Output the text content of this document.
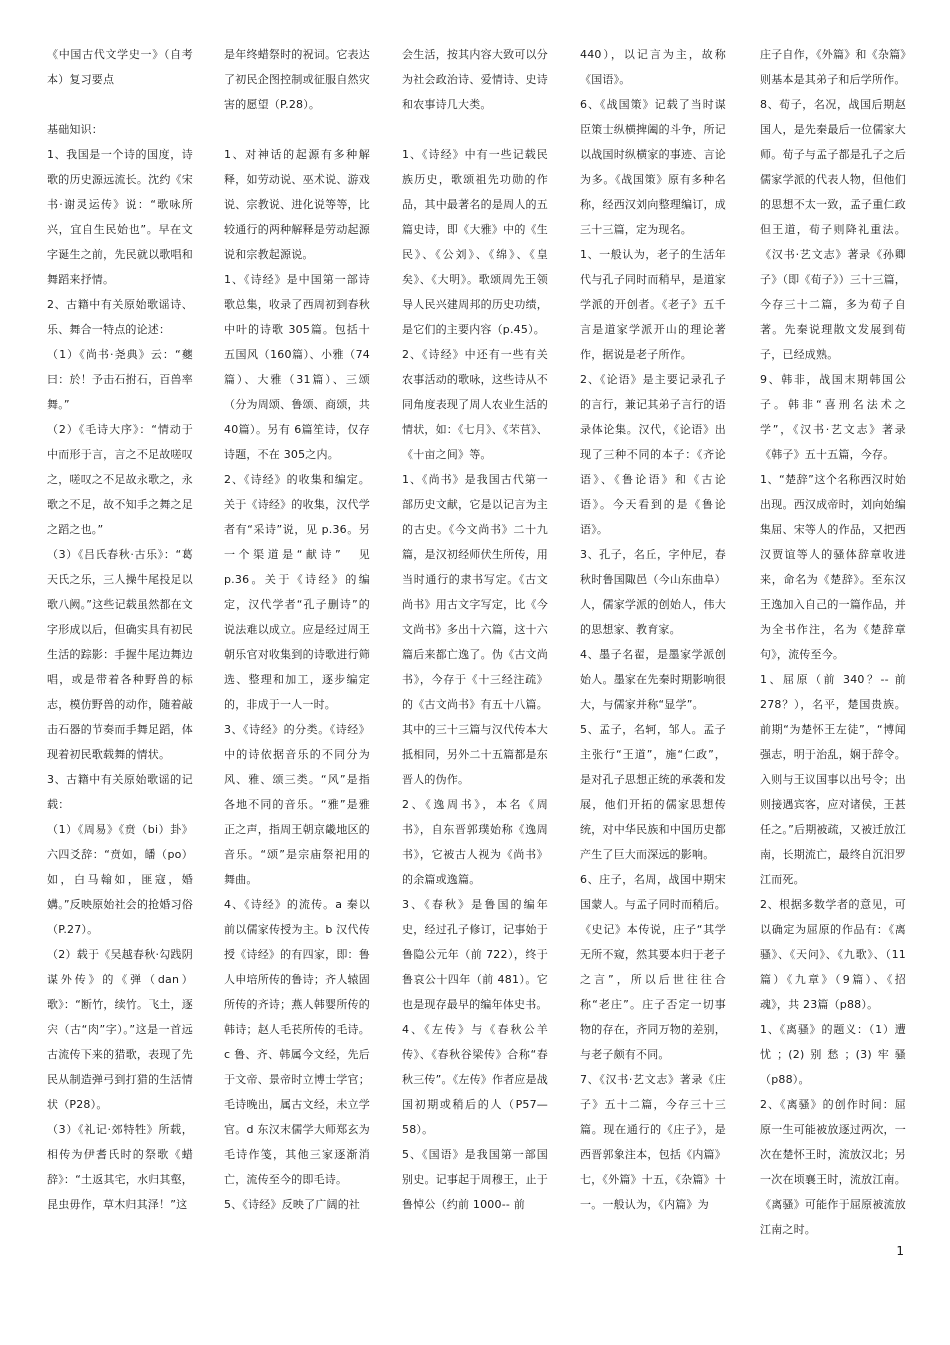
《中国古代文学史一》（自考本）复习要点
基础知识：
1、我国是一个诗的国度，诗歌的历史源远流长。沈约《宋书·谢灵运传》说：“歌咏所兴，宜自生民始也”。早在文字诞生之前，先民就以歌唱和舞蹈来抒情。
2、古籍中有关原始歌谣诗、乐、舞合一特点的论述：
（1）《尚书·尧典》云：“夔曰：於！予击石拊石，百兽率舞。”
（2）《毛诗大序》：“情动于中而形于言，言之不足故嗟叹之，嗟叹之不足故永歌之，永歌之不足，故不知手之舞之足之蹈之也。”
（3）《吕氏春秋·古乐》：“葛天氏之乐，三人操牛尾投足以歌八阙。”这些记载虽然都在文字形成以后，但确实具有初民生活的踪影：手握牛尾边舞边唱，或是带着各种野兽的标志，模仿野兽的动作，随着敲击石器的节奏而手舞足蹈，体现着初民歌载舞的情状。
3、古籍中有关原始歌谣的记载：
（1）《周易》《贲（bi）卦》六四爻辞：“贲如，皤（po）如，白马翰如，匪寇，婚媾。”反映原始社会的抢婚习俗（P.27）。
（2）载于《吴越春秋·勾践阴谋外传》的《弹（dan）歌》：“断竹，续竹。飞土，逐宍（古“肉”字）。”这是一首远古流传下来的猎歌，表现了先民从制造弹弓到打猎的生活情状（P28）。
（3）《礼记·郊特牲》所载，相传为伊耆氏时的祭歌《蜡辞》：“土返其宅，水归其壑，昆虫毋作，草木归其泽！”这
是年终蜡祭时的祝词。它表达了初民企图控制或征服自然灾害的愿望（P.28）。
1、对神话的起源有多种解释，如劳动说、巫术说、游戏说、宗教说、进化说等等，比较通行的两种解释是劳动起源说和宗教起源说。
1、《诗经》是中国第一部诗歌总集，收录了西周初到春秋中叶的诗歌 305篇。包括十五国风（160篇）、小雅（74篇）、大雅（31篇）、三颂（分为周颂、鲁颂、商颂，共 40篇）。另有 6篇笙诗，仅存诗题，不在 305之内。
2、《诗经》的收集和编定。关于《诗经》的收集，汉代学者有“采诗”说，见 p.36。另一个渠道是“献诗”　见p.36。关于《诗经》的编定，汉代学者“孔子删诗”的说法难以成立。应是经过周王朝乐官对收集到的诗歌进行筛选、整理和加工，逐步编定的，非成于一人一时。
3、《诗经》的分类。《诗经》中的诗依据音乐的不同分为风、雅、颂三类。“风”是指各地不同的音乐。“雅”是雅正之声，指周王朝京畿地区的音乐。“颂”是宗庙祭祀用的舞曲。
4、《诗经》的流传。a 秦以前以儒家传授为主。b 汉代传授《诗经》的有四家，即：鲁人申培所传的鲁诗；齐人辕固所传的齐诗；燕人韩婴所传的韩诗；赵人毛苌所传的毛诗。c 鲁、齐、韩属今文经，先后于文帝、景帝时立博士学官；毛诗晚出，属古文经，未立学官。d 东汉末儒学大师郑玄为毛诗作笺，其他三家逐渐消亡，流传至今的即毛诗。
5、《诗经》反映了广阔的社
会生活，按其内容大致可以分为社会政治诗、爱情诗、史诗和农事诗几大类。
1、《诗经》中有一些记载民族历史，歌颂祖先功勋的作品，其中最著名的是周人的五篇史诗，即《大雅》中的《生民》、《公刘》、《绵》、《皇矣》、《大明》。歌颂周先王领导人民兴建周邦的历史功绩，是它们的主要内容（p.45）。
2、《诗经》中还有一些有关农事活动的歌咏，这些诗从不同角度表现了周人农业生活的情状，如：《七月》、《芣苢》、《十亩之间》等。
1、《尚书》是我国古代第一部历史文献，它是以记言为主的古史。《今文尚书》二十九篇，是汉初经师伏生所传，用当时通行的隶书写定。《古文尚书》用古文字写定，比《今文尚书》多出十六篇，这十六篇后来都亡逸了。伪《古文尚书》，今存于《十三经注疏》的《古文尚书》有五十八篇。其中的三十三篇与汉代传本大抵相同，另外二十五篇都是东晋人的伪作。
2、《逸周书》，本名《周书》，自东晋郭璞始称《逸周书》，它被古人视为《尚书》的余篇或逸篇。
3、《春秋》是鲁国的编年史，经过孔子修订，记事始于鲁隐公元年（前 722），终于鲁哀公十四年（前 481）。它也是现存最早的编年体史书。
4、《左传》与《春秋公羊传》、《春秋谷梁传》合称“春秋三传”。《左传》作者应是战国初期或稍后的人（P57—58）。
5、《国语》是我国第一部国别史。记事起于周穆王，止于鲁悼公（约前 1000-- 前
440），以记言为主，故称《国语》。
6、《战国策》记载了当时谋臣策士纵横捭阖的斗争，所记以战国时纵横家的事迹、言论为多。《战国策》原有多种名称，经西汉刘向整理编订，成三十三篇，定为现名。
1、一般认为，老子的生活年代与孔子同时而稍早，是道家学派的开创者。《老子》五千言是道家学派开山的理论著作，据说是老子所作。
2、《论语》是主要记录孔子的言行，兼记其弟子言行的语录体论集。汉代，《论语》出现了三种不同的本子：《齐论语》、《鲁论语》和《古论语》。今天看到的是《鲁论语》。
3、孔子，名丘，字仲尼，春秋时鲁国陬邑（今山东曲阜）人，儒家学派的创始人，伟大的思想家、教育家。
4、墨子名翟，是墨家学派创始人。墨家在先秦时期影响很大，与儒家并称“显学”。
5、孟子，名轲，邹人。孟子主张行“王道”，施“仁政”，是对孔子思想正统的承袭和发展，他们开拓的儒家思想传统，对中华民族和中国历史都产生了巨大而深远的影响。
6、庄子，名周，战国中期宋国蒙人。与孟子同时而稍后。《史记》本传说，庄子“其学无所不窥，然其要本归于老子之言”，所以后世往往合称“老庄”。庄子否定一切事物的存在，齐同万物的差别，与老子颇有不同。
7、《汉书·艺文志》著录《庄子》五十二篇，今存三十三篇。现在通行的《庄子》，是西晋郭象注本，包括《内篇》七，《外篇》十五，《杂篇》十一。一般认为，《内篇》为
庄子自作，《外篇》和《杂篇》则基本是其弟子和后学所作。
8、荀子，名况，战国后期赵国人，是先秦最后一位儒家大师。荀子与孟子都是孔子之后儒家学派的代表人物，但他们的思想不太一致，孟子重仁政但王道，荀子则降礼重法。《汉书·艺文志》著录《孙卿子》（即《荀子》）三十三篇，今存三十二篇，多为荀子自著。先秦说理散文发展到荀子，已经成熟。
9、韩非，战国末期韩国公子。韩非“喜刑名法术之学”，《汉书·艺文志》著录《韩子》五十五篇，今存。
1、“楚辞”这个名称西汉时始出现。西汉成帝时，刘向始编集屈、宋等人的作品，又把西汉贾谊等人的骚体辞章收进来，命名为《楚辞》。至东汉王逸加入自己的一篇作品，并为全书作注，名为《楚辞章句》，流传至今。
1、屈原（前 340？-- 前278？），名平，楚国贵族。前期“为楚怀王左徒”，“博闻强志，明于治乱，娴于辞令。入则与王议国事以出号令；出则接遇宾客，应对诸侯，王甚任之。”后期被疏，又被迁放江南，长期流亡，最终自沉汨罗江而死。
2、根据多数学者的意见，可以确定为屈原的作品有：《离骚》、《天问》、《九歌》、（11篇）《九章》（9篇）、《招魂》，共 23篇（p88）。
1、《离骚》的题义：（1）遭忧；(2)别愁；(3)牢骚（p88）。
2、《离骚》的创作时间：屈原一生可能被放逐过两次，一次在楚怀王时，流放汉北；另一次在顷襄王时，流放江南。《离骚》可能作于屈原被流放江南之时。
1
